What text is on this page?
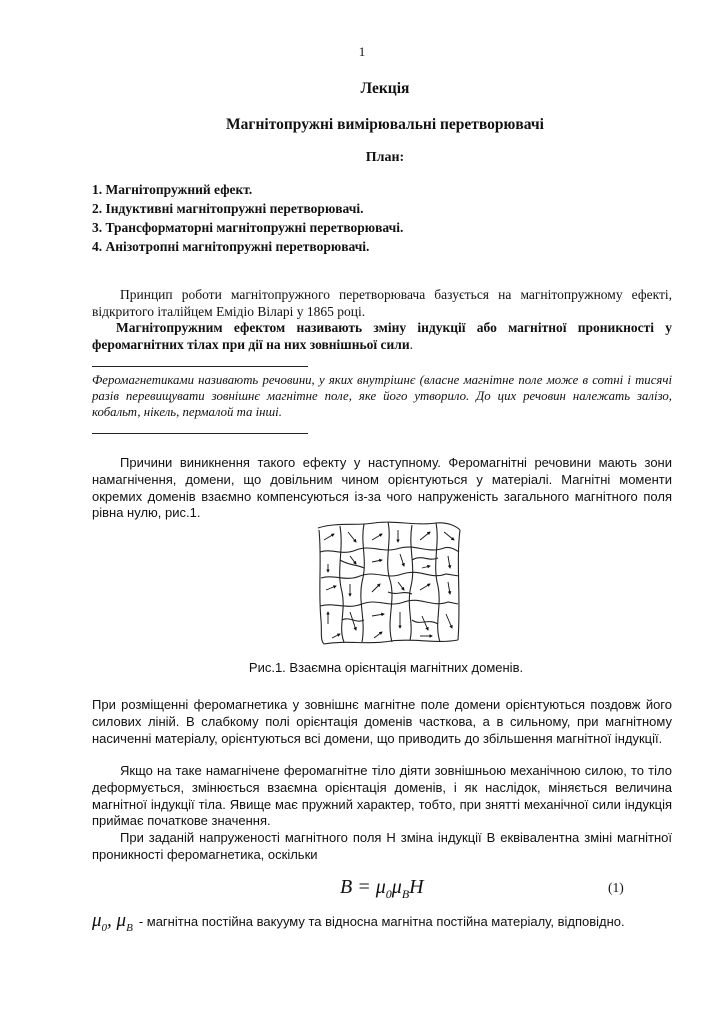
1
Лекція
Магнітопружні вимірювальні перетворювачі
План:
1. Магнітопружний ефект.
2. Індуктивні магнітопружні перетворювачі.
3. Трансформаторні магнітопружні перетворювачі.
4. Анізотропні магнітопружні перетворювачі.
Принцип роботи магнітопружного перетворювача базується на магнітопружному ефекті, відкритого італійцем Емідіо Віларі у 1865 році.
Магнітопружним ефектом називають зміну індукції або магнітної проникності у феромагнітних тілах при дії на них зовнішньої сили.
Феромагнетиками називають речовини, у яких внутрішнє (власне магнітне поле може в сотні і тисячі разів перевищувати зовнішнє магнітне поле, яке його утворило. До цих речовин належать залізо, кобальт, нікель, пермалой та інші.
Причини виникнення такого ефекту у наступному. Феромагнітні речовини мають зони намагнічення, домени, що довільним чином орієнтуються у матеріалі. Магнітні моменти окремих доменів взаємно компенсуються із-за чого напруженість загального магнітного поля рівна нулю, рис.1.
Рис.1. Взаємна орієнтація магнітних доменів.
При розміщенні феромагнетика у зовнішнє магнітне поле домени орієнтуються поздовж його силових ліній. В слабкому полі орієнтація доменів часткова, а в сильному, при магнітному насиченні матеріалу, орієнтуються всі домени, що приводить до збільшення магнітної індукції.
Якщо на таке намагнічене феромагнітне тіло діяти зовнішньою механічною силою, то тіло деформується, змінюється взаємна орієнтація доменів, і як наслідок, міняється величина магнітної індукції тіла. Явище має пружний характер, тобто, при знятті механічної сили індукція приймає початкове значення.
При заданій напруженості магнітного поля H зміна індукції B еквівалентна зміні магнітної проникності феромагнетика, оскільки
$B = \mu_0\mu_BH$	(1)
$\mu_0$, $\mu_B$ - магнітна постійна вакууму та відносна магнітна постійна матеріалу, відповідно.
